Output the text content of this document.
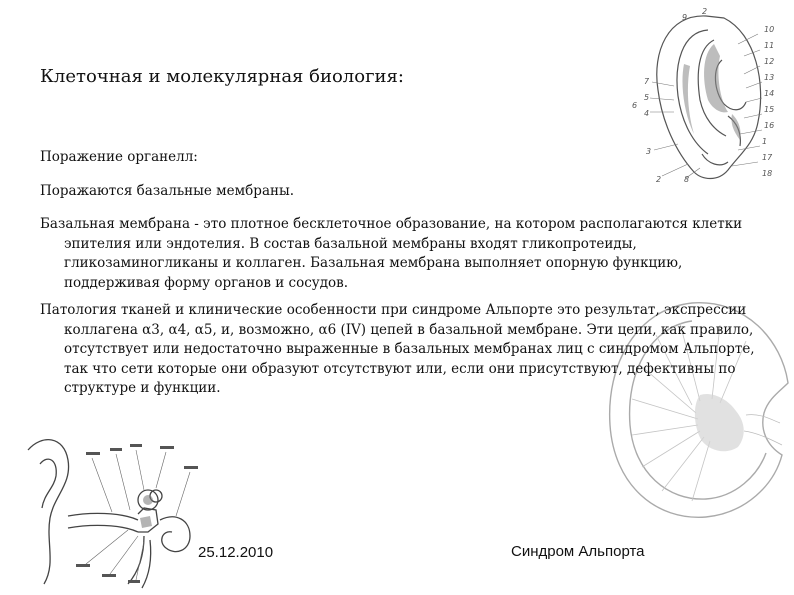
2
9
10
11
12
13
14
15
16
1
17
18
7
5
6
4
3
2	8
Клеточная и молекулярная биология:

Поражение органелл:

Поражаются базальные мембраны.

Базальная мембрана - это плотное бесклеточное образование, на котором располагаются клетки эпителия или эндотелия. В состав базальной мембраны входят гликопротеиды, гликозаминогликаны и коллаген. Базальная мембрана выполняет опорную функцию, поддерживая форму органов и сосудов.

Патология тканей и клинические особенности при синдроме Альпорте это результат, экспрессии коллагена α3, α4, α5, и, возможно, α6 (IV) цепей в базальной мембране. Эти цепи, как правило, отсутствует или недостаточно выраженные в базальных мембранах лиц с синдромом Альпорте, так что сети которые они образуют отсутствуют или, если они присутствуют, дефективны по структуре и функции.

25.12.2010	Синдром Альпорта
